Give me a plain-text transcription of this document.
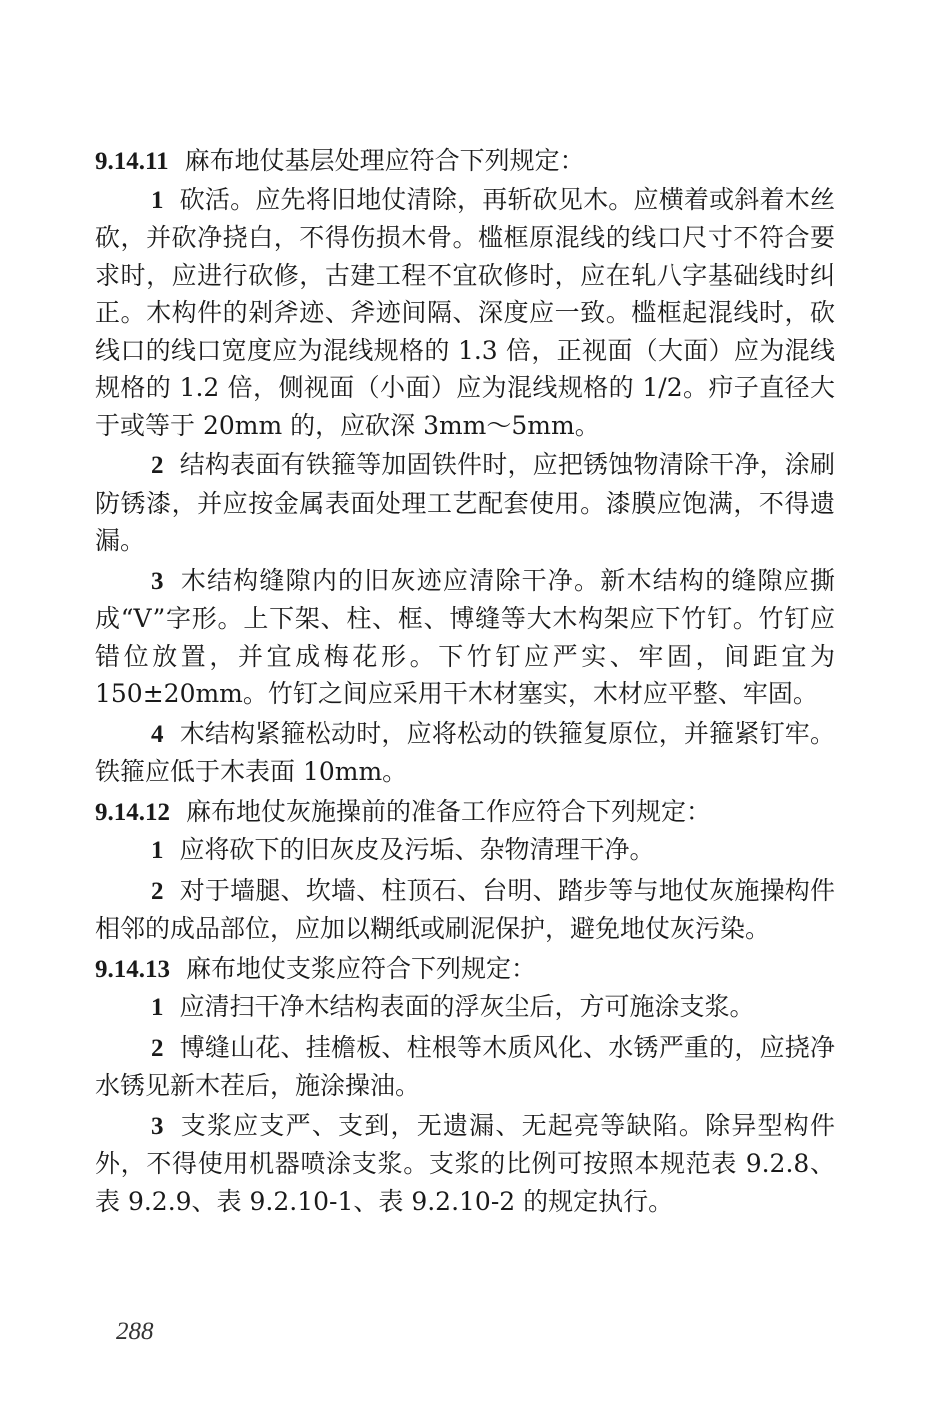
9.14.11 麻布地仗基层处理应符合下列规定：

1 砍活。应先将旧地仗清除，再斩砍见木。应横着或斜着木丝砍，并砍净挠白，不得伤损木骨。槛框原混线的线口尺寸不符合要求时，应进行砍修，古建工程不宜砍修时，应在轧八字基础线时纠正。木构件的剁斧迹、斧迹间隔、深度应一致。槛框起混线时，砍线口的线口宽度应为混线规格的 1.3 倍，正视面（大面）应为混线规格的 1.2 倍，侧视面（小面）应为混线规格的 1/2。疖子直径大于或等于 20mm 的，应砍深 3mm～5mm。

2 结构表面有铁箍等加固铁件时，应把锈蚀物清除干净，涂刷防锈漆，并应按金属表面处理工艺配套使用。漆膜应饱满，不得遗漏。

3 木结构缝隙内的旧灰迹应清除干净。新木结构的缝隙应撕成“V”字形。上下架、柱、框、博缝等大木构架应下竹钉。竹钉应错位放置，并宜成梅花形。下竹钉应严实、牢固，间距宜为 150±20mm。竹钉之间应采用干木材塞实，木材应平整、牢固。

4 木结构紧箍松动时，应将松动的铁箍复原位，并箍紧钉牢。铁箍应低于木表面 10mm。

9.14.12 麻布地仗灰施操前的准备工作应符合下列规定：

1 应将砍下的旧灰皮及污垢、杂物清理干净。

2 对于墙腿、坎墙、柱顶石、台明、踏步等与地仗灰施操构件相邻的成品部位，应加以糊纸或刷泥保护，避免地仗灰污染。

9.14.13 麻布地仗支浆应符合下列规定：

1 应清扫干净木结构表面的浮灰尘后，方可施涂支浆。

2 博缝山花、挂檐板、柱根等木质风化、水锈严重的，应挠净水锈见新木茬后，施涂操油。

3 支浆应支严、支到，无遗漏、无起亮等缺陷。除异型构件外，不得使用机器喷涂支浆。支浆的比例可按照本规范表 9.2.8、表 9.2.9、表 9.2.10-1、表 9.2.10-2 的规定执行。

288
